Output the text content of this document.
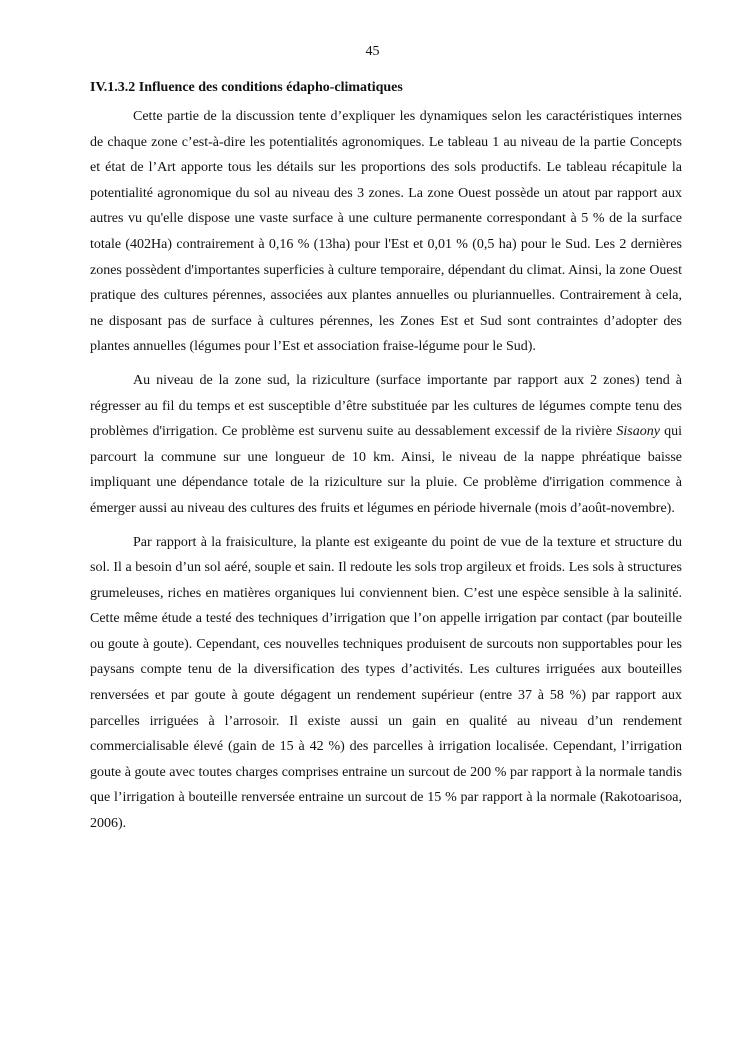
45
IV.1.3.2 Influence des conditions édapho-climatiques

Cette partie de la discussion tente d’expliquer les dynamiques selon les caractéristiques internes de chaque zone c’est-à-dire les potentialités agronomiques. Le tableau 1 au niveau de la partie Concepts et état de l’Art apporte tous les détails sur les proportions des sols productifs. Le tableau récapitule la potentialité agronomique du sol au niveau des 3 zones. La zone Ouest possède un atout par rapport aux autres vu qu'elle dispose une vaste surface à une culture permanente correspondant à 5 % de la surface totale (402Ha) contrairement à 0,16 % (13ha) pour l'Est et 0,01 % (0,5 ha) pour le Sud. Les 2 dernières zones possèdent d'importantes superficies à culture temporaire, dépendant du climat. Ainsi, la zone Ouest pratique des cultures pérennes, associées aux plantes annuelles ou pluriannuelles. Contrairement à cela, ne disposant pas de surface à cultures pérennes, les Zones Est et Sud sont contraintes d’adopter des plantes annuelles (légumes pour l’Est et association fraise-légume pour le Sud).

Au niveau de la zone sud, la riziculture (surface importante par rapport aux 2 zones) tend à régresser au fil du temps et est susceptible d’être substituée par les cultures de légumes compte tenu des problèmes d'irrigation. Ce problème est survenu suite au dessablement excessif de la rivière Sisaony qui parcourt la commune sur une longueur de 10 km. Ainsi, le niveau de la nappe phréatique baisse impliquant une dépendance totale de la riziculture sur la pluie. Ce problème d'irrigation commence à émerger aussi au niveau des cultures des fruits et légumes en période hivernale (mois d’août-novembre).

Par rapport à la fraisiculture, la plante est exigeante du point de vue de la texture et structure du sol. Il a besoin d’un sol aéré, souple et sain. Il redoute les sols trop argileux et froids. Les sols à structures grumeleuses, riches en matières organiques lui conviennent bien. C’est une espèce sensible à la salinité. Cette même étude a testé des techniques d’irrigation que l’on appelle irrigation par contact (par bouteille ou goute à goute). Cependant, ces nouvelles techniques produisent de surcouts non supportables pour les paysans compte tenu de la diversification des types d’activités. Les cultures irriguées aux bouteilles renversées et par goute à goute dégagent un rendement supérieur (entre 37 à 58 %) par rapport aux parcelles irriguées à l’arrosoir. Il existe aussi un gain en qualité au niveau d’un rendement commercialisable élevé (gain de 15 à 42 %) des parcelles à irrigation localisée. Cependant, l’irrigation goute à goute avec toutes charges comprises entraine un surcout de 200 % par rapport à la normale tandis que l’irrigation à bouteille renversée entraine un surcout de 15 % par rapport à la normale (Rakotoarisoa, 2006).
